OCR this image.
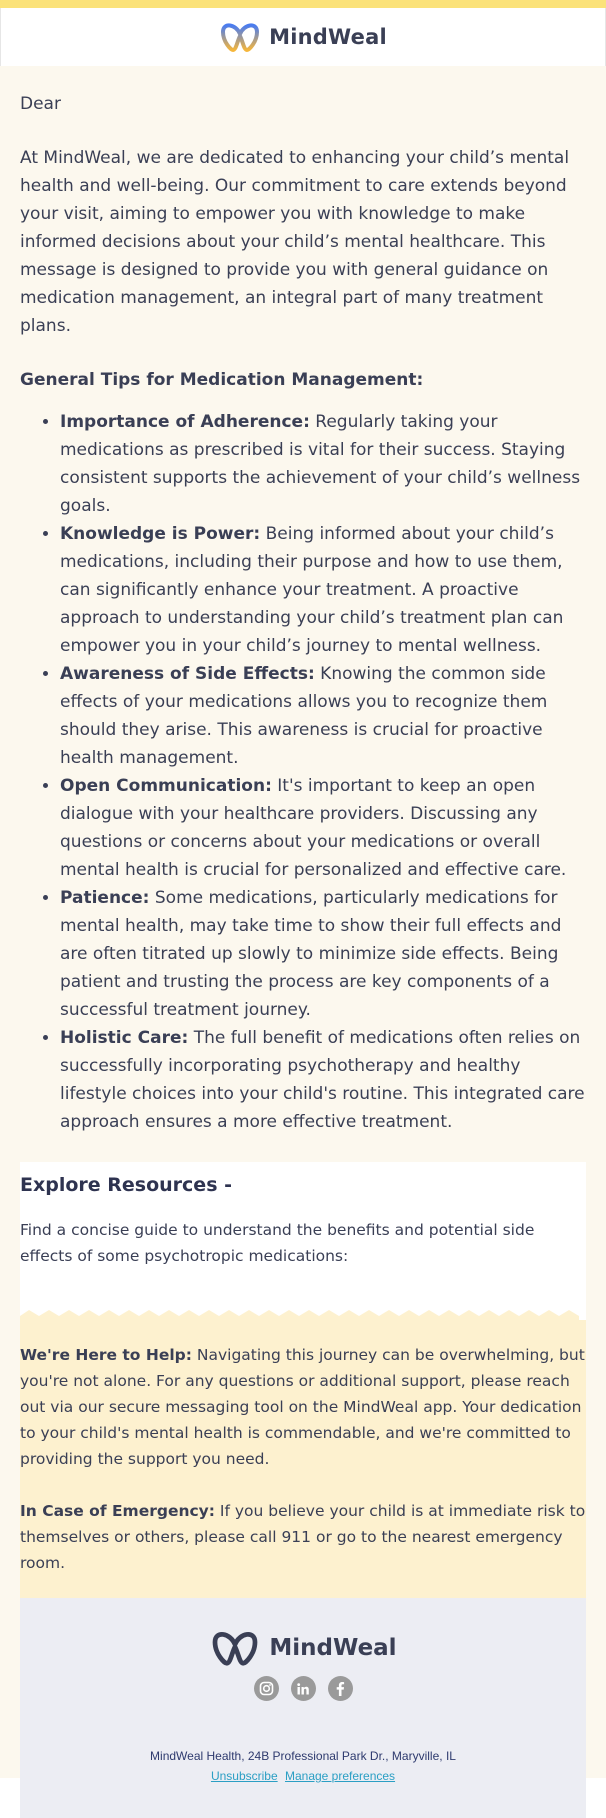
MindWeal

Dear

At MindWeal, we are dedicated to enhancing your child’s mental health and well-being. Our commitment to care extends beyond your visit, aiming to empower you with knowledge to make informed decisions about your child’s mental healthcare. This message is designed to provide you with general guidance on medication management, an integral part of many treatment plans.

General Tips for Medication Management:

• Importance of Adherence: Regularly taking your medications as prescribed is vital for their success. Staying consistent supports the achievement of your child’s wellness goals.
• Knowledge is Power: Being informed about your child’s medications, including their purpose and how to use them, can significantly enhance your treatment. A proactive approach to understanding your child’s treatment plan can empower you in your child’s journey to mental wellness.
• Awareness of Side Effects: Knowing the common side effects of your medications allows you to recognize them should they arise. This awareness is crucial for proactive health management.
• Open Communication: It's important to keep an open dialogue with your healthcare providers. Discussing any questions or concerns about your medications or overall mental health is crucial for personalized and effective care.
• Patience: Some medications, particularly medications for mental health, may take time to show their full effects and are often titrated up slowly to minimize side effects. Being patient and trusting the process are key components of a successful treatment journey.
• Holistic Care: The full benefit of medications often relies on successfully incorporating psychotherapy and healthy lifestyle choices into your child's routine. This integrated care approach ensures a more effective treatment.
Explore Resources -

Find a concise guide to understand the benefits and potential side effects of some psychotropic medications:

We're Here to Help: Navigating this journey can be overwhelming, but you're not alone. For any questions or additional support, please reach out via our secure messaging tool on the MindWeal app. Your dedication to your child's mental health is commendable, and we're committed to providing the support you need.

In Case of Emergency: If you believe your child is at immediate risk to themselves or others, please call 911 or go to the nearest emergency room.

MindWeal
MindWeal Health, 24B Professional Park Dr., Maryville, IL
Unsubscribe Manage preferences
